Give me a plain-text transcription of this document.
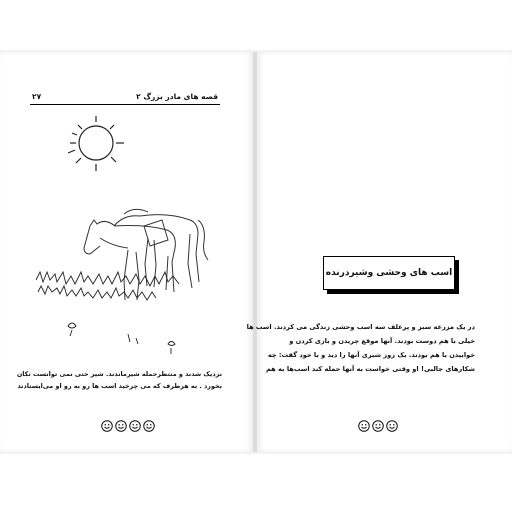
۲۷	قصه های مادر بزرگ ۲

نزدیک شدند و منتظرحمله شیرماندند. شیر حتی نمی توانست تکان

بخورد . به هرطرف که می چرخید اسب ها رو به رو او می‌ایستادند

اسب های وحشی وشیردرنده

در یک مزرعه سبز و پرعلف سه اسب وحشی زندگی می کردند. اسب ها

خیلی با هم دوست بودند. آنها موقع چریدن و بازی کردن و

خوابیدن با هم بودند. یک روز شیری آنها را دید و با خود گفت: چه

شکارهای جالبی! او وقتی خواست به آنها حمله کند اسب‌ها به هم
